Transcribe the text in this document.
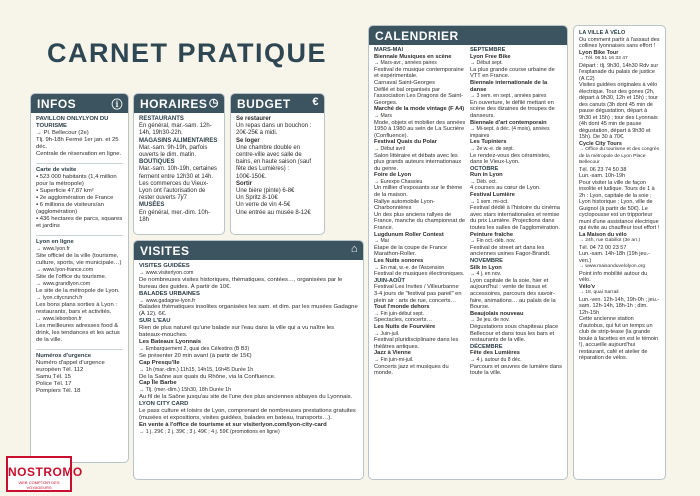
CARNET PRATIQUE
INFOS	ⓘ
PAVILLON ONLYLYON DU TOURISME
→ Pl. Bellecour (2e)
Tlj. 9h-18h Fermé 1er jan. et 25 déc.
Centrale de réservation en ligne.
Carte de visite
▪ 523 000 habitants (1,4 million pour la métropole)
▪ Superficie 47,87 km²
▪ 2e agglomération de France
▪ 6 millions de visiteurs/an (agglomération)
▪ 436 hectares de parcs, squares et jardins
Lyon en ligne
→ www.lyon.fr
Site officiel de la ville (tourisme, culture, sports, vie municipale…)
→ www.lyon-france.com
Site de l'office du tourisme.
→ www.grandlyon.com
Le site de la métropole de Lyon.
→ lyon.citycrunch.fr
Les bons plans sorties à Lyon : restaurants, bars et activités.
→ www.lebonbon.fr
Les meilleures adresses food & drink, les tendances et les actus de la ville.
Numéros d'urgence
Numéro d'appel d'urgence européen Tél. 112
Samu Tél. 15
Police Tél. 17
Pompiers Tél. 18
HORAIRES ◷
RESTAURANTS
En général, mar.-sam. 12h-14h, 19h30-22h.
MAGASINS ALIMENTAIRES
Mar.-sam. 9h-19h, parfois ouverts le dim. matin.
BOUTIQUES
Mar.-sam. 10h-19h, certaines ferment entre 12h30 et 14h.
Les commerces du Vieux-Lyon ont l'autorisation de rester ouverts 7j/7
MUSÉES
En général, mer.-dim. 10h-18h
BUDGET €
Se restaurer
Un repas dans un bouchon : 20€-25€ à midi.
Se loger
Une chambre double en centre-ville avec salle de bains, en haute saison (sauf fête des Lumières) : 100€-150€.
Sortir
Une bière (pinte) 6-8€
Un Spritz 8-10€
Un verre de vin 4-5€
Une entrée au musée 8-12€
VISITES	⌂
VISITES GUIDÉES
→ www.visiterlyon.com
De nombreuses visites historiques, thématiques, contées…, organisées par le bureau des guides. À partir de 10€.
BALADES URBAINES
→ www.gadagne-lyon.fr
Balades thématiques insolites organisées les sam. et dim. par les musées Gadagne (À 12). 6€.
SUR L'EAU
Rien de plus naturel qu'une balade sur l'eau dans la ville qui a vu naître les bateaux-mouches.
Les Bateaux Lyonnais
→ Embarquement 2, quai des Célestins (B B3)
Se présenter 20 min avant (à partir de 15€)
Cap Presqu'île
→ 1h (mar.-dim.) 11h15, 14h15, 16h45 Durée 1h
De la Saône aux quais du Rhône, via la Confluence.
Cap Île Barbe
→ Tlj. (mer.-dim.) 15h30, 18h Durée 1h
Au fil de la Saône jusqu'au site de l'une des plus anciennes abbayes du Lyonnais.
LYON CITY CARD
Le pass culture et loisirs de Lyon, comprenant de nombreuses prestations gratuites (musées et expositions, visites guidées, balades en bateau, transports…).
En vente à l'office de tourisme et sur visiterlyon.com/lyon-city-card
→ 1 j. 29€ ; 2 j. 39€ ; 3 j. 49€ ; 4 j. 59€ (promotions en ligne)
CALENDRIER
MARS-MAI
Biennale Musiques en scène
→ Mars-avr., années paires
Festival de musique contemporaine et expérimentale.
Carnaval Saint-Georges
Défilé et bal organisés par l'association Les Dragons de Saint-Georges.
Marché de la mode vintage (F A4)
→ Mars
Mode, objets et mobilier des années 1950 à 1980 au sein de La Sucrière (Confluence).
Festival Quais du Polar
→ Début avril
Salon littéraire et débats avec les plus grands auteurs internationaux du genre.
Foire de Lyon
→ Eurexpo Chassieu
Un millier d'exposants sur le thème de la maison.
Rallye automobile Lyon-Charbonnières
Un des plus anciens rallyes de France, manche du championnat de France.
Lugdunum Roller Contest
→ Mai
Étape de la coupe de France Marathon-Roller.
Les Nuits sonores
→ En mai, w.-e. de l'Ascension
Festival de musiques électroniques.
JUIN-AOÛT
Festival Les Invites / Villeurbanne
3-4 jours de "festival pas pareil" en plein air : arts de rue, concerts…
Tout l'monde dehors
→ Fin juin-début sept.
Spectacles, concerts…
Les Nuits de Fourvière
→ Juin-juil.
Festival pluridisciplinaire dans les théâtres antiques.
Jazz à Vienne
→ Fin juin-mi-juil.
Concerts jazz et musiques du monde.
SEPTEMBRE
Lyon Free Bike
→ Début sept.
La plus grande course urbaine de VTT en France.
Biennale internationale de la danse
→ 3 sem. en sept., années paires
En ouverture, le défilé mettant en scène des dizaines de troupes de danseurs.
Biennale d'art contemporain
→ Mi-sept. à déc. (4 mois), années impaires
Les Tupiniers
→ 2e w.-e. de sept.
Le rendez-vous des céramistes, dans le Vieux-Lyon.
OCTOBRE
Run in Lyon
→ Déb. oct.
4 courses au cœur de Lyon.
Festival Lumière
→ 1 sem. mi-oct.
Festival dédié à l'histoire du cinéma avec stars internationales et remise du prix Lumière. Projections dans toutes les salles de l'agglomération.
Peinture fraîche
→ Fin oct.-déb. nov.
Festival de street art dans les anciennes usines Fagor-Brandt.
NOVEMBRE
Silk in Lyon
→ 4 j. en nov.
Lyon capitale de la soie, hier et aujourd'hui : vente de tissus et accessoires, parcours des savoir-faire, animations… au palais de la Bourse.
Beaujolais nouveau
→ 3e jeu. de nov.
Dégustations sous chapiteau place Bellecour et dans tous les bars et restaurants de la ville.
DÉCEMBRE
Fête des Lumières
→ 4 j. autour du 8 déc.
Parcours et œuvres de lumière dans toute la ville.
LA VILLE À VÉLO
Ou comment partir à l'assaut des collines lyonnaises sans effort !
Lyon Bike Tour
→ Tél. 06 51 16 33 47
Départ : tlj. 9h30, 14h30 Rdv sur l'esplanade du palais de justice (A C2)
Visites guidées originales à vélo électrique. Tour des gones (2h, départ à 9h30, 12h et 15h) ; tour des canuts (3h dont 45 min de pause dégustation, départ à 9h30 et 15h) ; tour des Lyonnais (4h dont 45 min de pause dégustation, départ à 9h30 et 15h). De 30 à 70€.
Cycle City Tours
→ Office du tourisme et des congrès de la métropole de Lyon Place Bellecour
Tél. 06 23 74 50 38
Lun.-sam. 10h-19h
Pour visiter la ville de façon insolite et ludique. Tours de 1 à 2h : Lyon, capitale de la soie ; Lyon historique ; Lyon, ville de Guignol (à partir de 50€). Le cyclopousse est un tripporteur muni d'une assistance électrique qui évite au chauffeur tout effort !
La Maison du vélo
→ 24h, rue Gabillot (3e arr.)
Tél. 04 72 00 23 57
Lun.-sam. 14h-18h (19h jeu.-ven.)
→ www.maisonduvelolyon.org
Point info mobilité autour du vélo.
Vélo'v
→ 18, quai Sarrail
Lun.-ven. 12h-14h, 19h-0h ; jeu.-sam. 12h-14h, 18h-1h ; dim. 12h-15h
Cette ancienne station d'autobus, qui fut un temps un club de strip-tease (la grande boule à facettes en est le témoin !), accueille aujourd'hui restaurant, café et atelier de réparation de vélos.
NOSTROMO
WEB COMPTOIR DES VOYAGEURS
